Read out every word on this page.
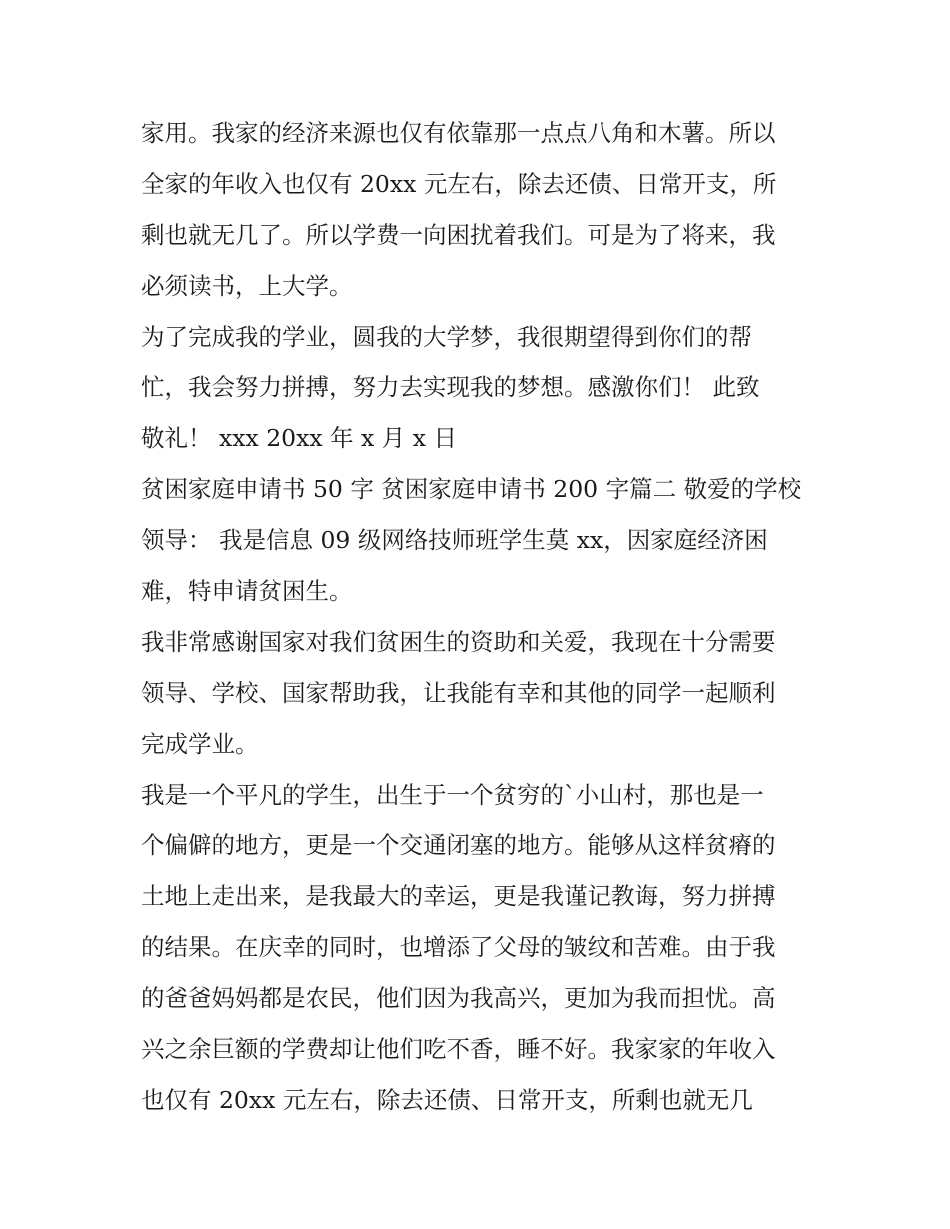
家用。我家的经济来源也仅有依靠那一点点八角和木薯。所以
全家的年收入也仅有 20xx 元左右，除去还债、日常开支，所
剩也就无几了。所以学费一向困扰着我们。可是为了将来，我
必须读书，上大学。
为了完成我的学业，圆我的大学梦，我很期望得到你们的帮
忙，我会努力拼搏，努力去实现我的梦想。感激你们！ 此致
敬礼！ xxx 20xx 年 x 月 x 日
贫困家庭申请书 50 字 贫困家庭申请书 200 字篇二 敬爱的学校
领导： 我是信息 09 级网络技师班学生莫 xx，因家庭经济困
难，特申请贫困生。
我非常感谢国家对我们贫困生的资助和关爱，我现在十分需要
领导、学校、国家帮助我，让我能有幸和其他的同学一起顺利
完成学业。
我是一个平凡的学生，出生于一个贫穷的`小山村，那也是一
个偏僻的地方，更是一个交通闭塞的地方。能够从这样贫瘠的
土地上走出来，是我最大的幸运，更是我谨记教诲，努力拼搏
的结果。在庆幸的同时，也增添了父母的皱纹和苦难。由于我
的爸爸妈妈都是农民，他们因为我高兴，更加为我而担忧。高
兴之余巨额的学费却让他们吃不香，睡不好。我家家的年收入
也仅有 20xx 元左右，除去还债、日常开支，所剩也就无几
